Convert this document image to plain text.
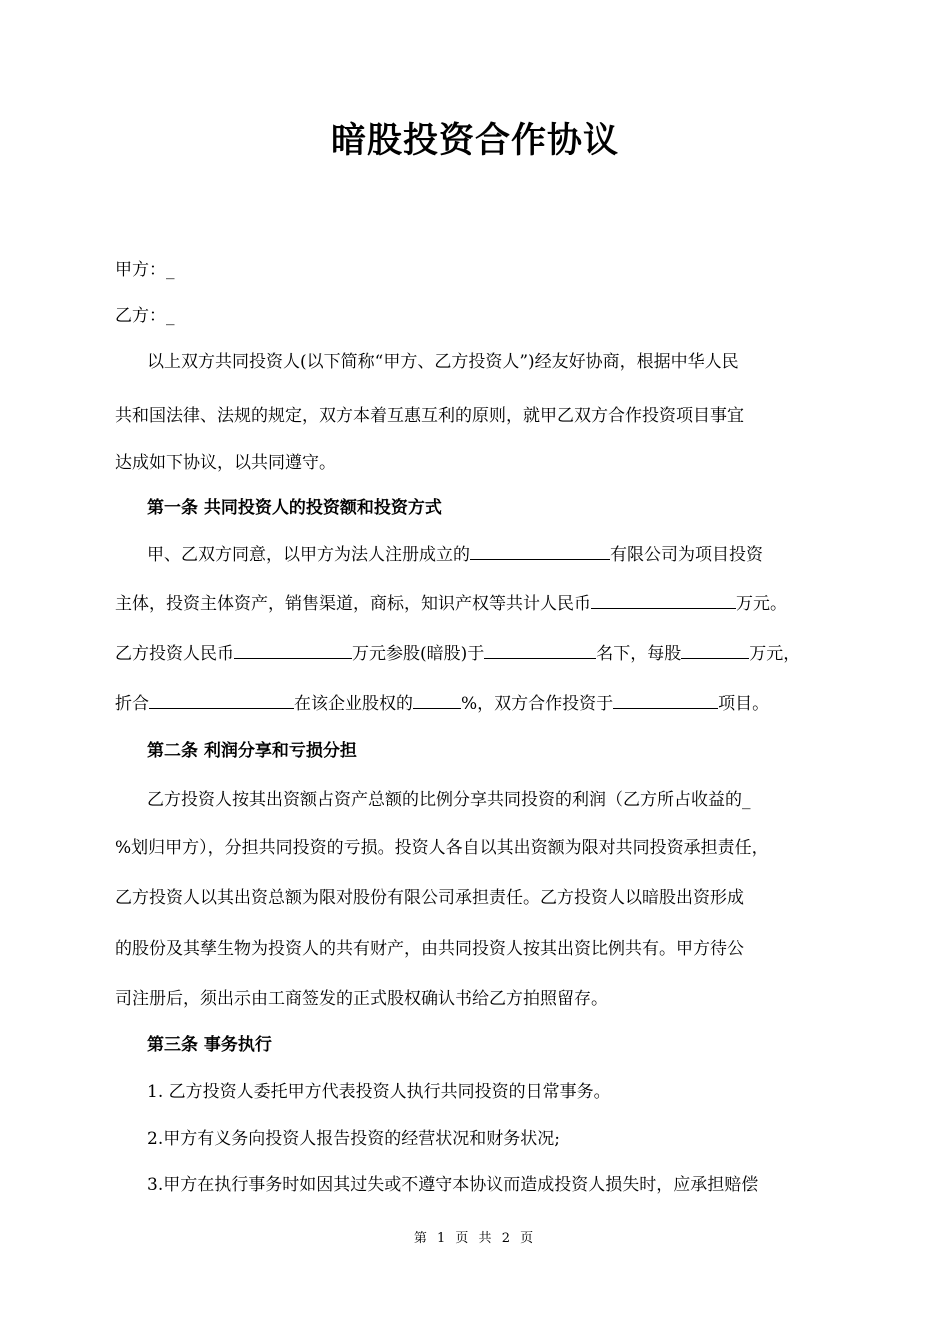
暗股投资合作协议
甲方：_
乙方：_
以上双方共同投资人(以下简称“甲方、乙方投资人”)经友好协商，根据中华人民
共和国法律、法规的规定，双方本着互惠互利的原则，就甲乙双方合作投资项目事宜
达成如下协议，以共同遵守。
第一条 共同投资人的投资额和投资方式
甲、乙双方同意，以甲方为法人注册成立的	有限公司为项目投资
主体，投资主体资产，销售渠道，商标，知识产权等共计人民币	万元。
乙方投资人民币	万元参股(暗股)于	名下，每股	万元，
折合	在该企业股权的	%，双方合作投资于	项目。
第二条 利润分享和亏损分担
乙方投资人按其出资额占资产总额的比例分享共同投资的利润（乙方所占收益的_
%划归甲方），分担共同投资的亏损。投资人各自以其出资额为限对共同投资承担责任，
乙方投资人以其出资总额为限对股份有限公司承担责任。乙方投资人以暗股出资形成
的股份及其孳生物为投资人的共有财产，由共同投资人按其出资比例共有。甲方待公
司注册后，须出示由工商签发的正式股权确认书给乙方拍照留存。
第三条 事务执行
1. 乙方投资人委托甲方代表投资人执行共同投资的日常事务。
2.甲方有义务向投资人报告投资的经营状况和财务状况;
3.甲方在执行事务时如因其过失或不遵守本协议而造成投资人损失时，应承担赔偿
第 1 页 共 2 页
